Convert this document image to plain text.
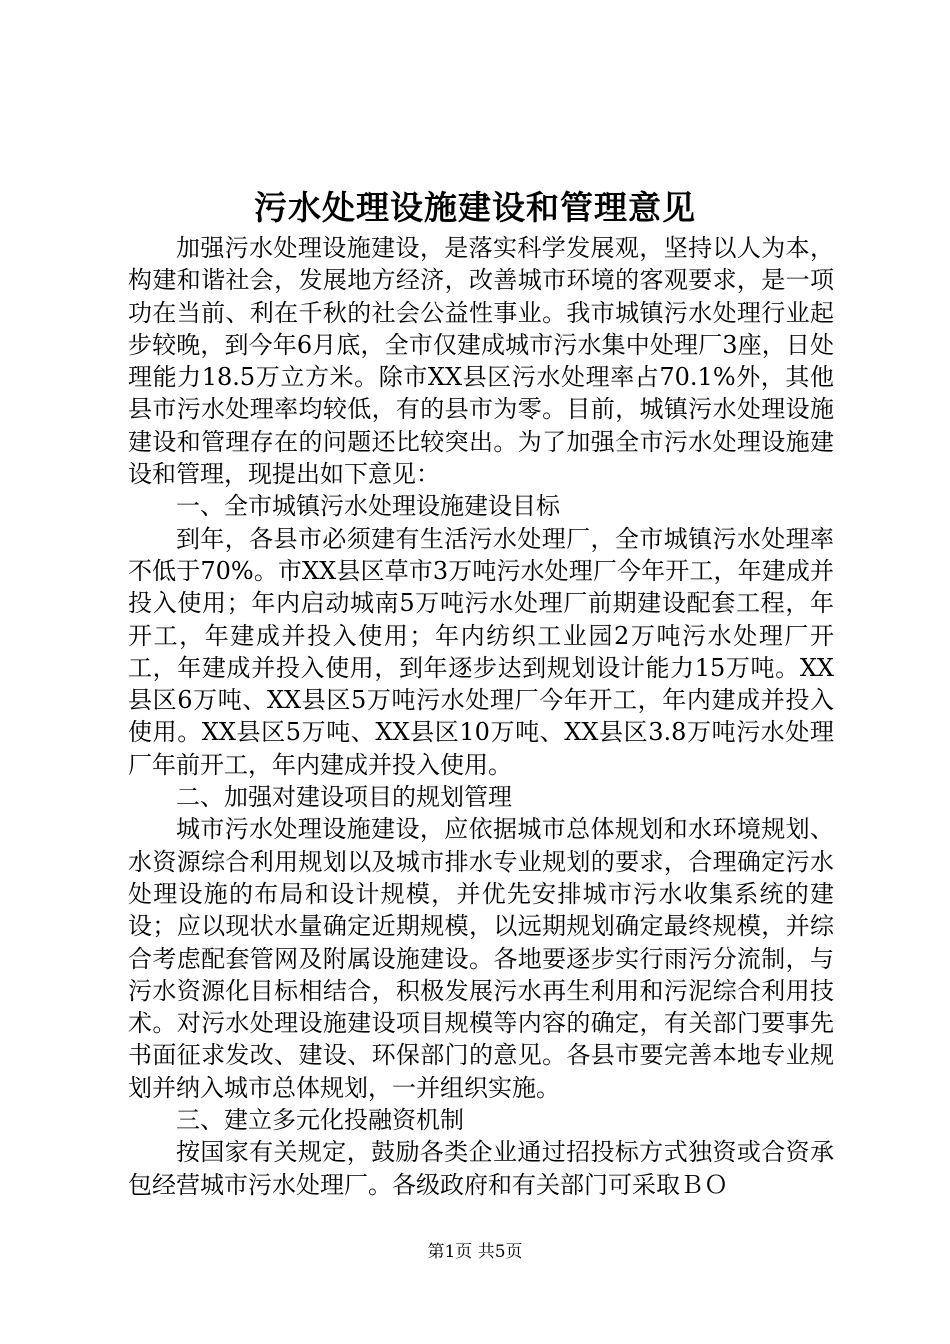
污水处理设施建设和管理意见

加强污水处理设施建设，是落实科学发展观，坚持以人为本，构建和谐社会，发展地方经济，改善城市环境的客观要求，是一项功在当前、利在千秋的社会公益性事业。我市城镇污水处理行业起步较晚，到今年6月底，全市仅建成城市污水集中处理厂3座，日处理能力18.5万立方米。除市XX县区污水处理率占70.1%外，其他县市污水处理率均较低，有的县市为零。目前，城镇污水处理设施建设和管理存在的问题还比较突出。为了加强全市污水处理设施建设和管理，现提出如下意见：

一、全市城镇污水处理设施建设目标

到年，各县市必须建有生活污水处理厂，全市城镇污水处理率不低于70%。市XX县区草市3万吨污水处理厂今年开工，年建成并投入使用；年内启动城南5万吨污水处理厂前期建设配套工程，年开工，年建成并投入使用；年内纺织工业园2万吨污水处理厂开工，年建成并投入使用，到年逐步达到规划设计能力15万吨。XX县区6万吨、XX县区5万吨污水处理厂今年开工，年内建成并投入使用。XX县区5万吨、XX县区10万吨、XX县区3.8万吨污水处理厂年前开工，年内建成并投入使用。

二、加强对建设项目的规划管理

城市污水处理设施建设，应依据城市总体规划和水环境规划、水资源综合利用规划以及城市排水专业规划的要求，合理确定污水处理设施的布局和设计规模，并优先安排城市污水收集系统的建设；应以现状水量确定近期规模，以远期规划确定最终规模，并综合考虑配套管网及附属设施建设。各地要逐步实行雨污分流制，与污水资源化目标相结合，积极发展污水再生利用和污泥综合利用技术。对污水处理设施建设项目规模等内容的确定，有关部门要事先书面征求发改、建设、环保部门的意见。各县市要完善本地专业规划并纳入城市总体规划，一并组织实施。

三、建立多元化投融资机制

按国家有关规定，鼓励各类企业通过招投标方式独资或合资承包经营城市污水处理厂。各级政府和有关部门可采取ＢＯ

第1页 共5页
